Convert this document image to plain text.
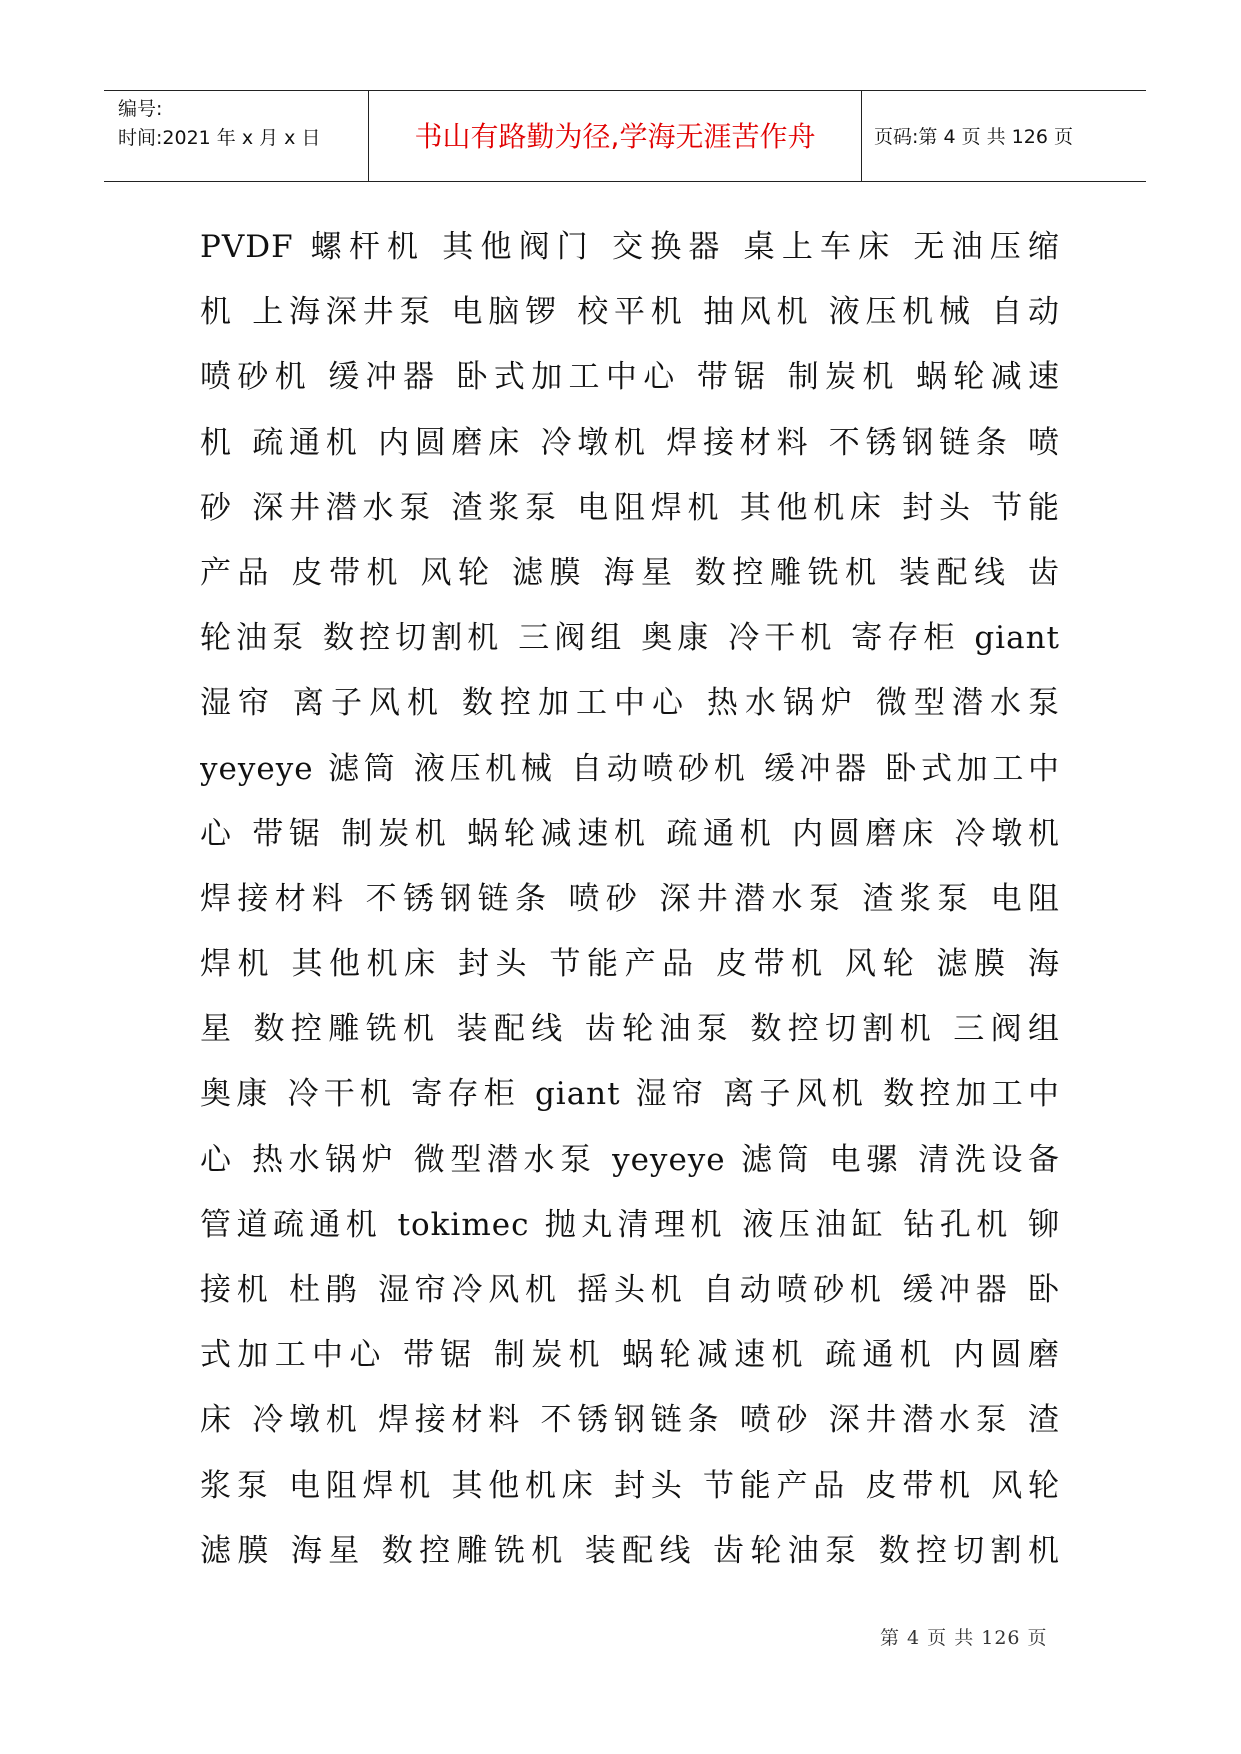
编号:
时间:2021 年 x 月 x 日	书山有路勤为径,学海无涯苦作舟	页码:第 4 页 共 126 页
PVDF 螺杆机 其他阀门 交换器 桌上车床 无油压缩
机 上海深井泵 电脑锣 校平机 抽风机 液压机械 自动
喷砂机 缓冲器 卧式加工中心 带锯 制炭机 蜗轮减速
机 疏通机 内圆磨床 冷墩机 焊接材料 不锈钢链条 喷
砂 深井潜水泵 渣浆泵 电阻焊机 其他机床 封头 节能
产品 皮带机 风轮 滤膜 海星 数控雕铣机 装配线 齿
轮油泵 数控切割机 三阀组 奥康 冷干机 寄存柜 giant
湿帘 离子风机 数控加工中心 热水锅炉 微型潜水泵
yeyeye 滤筒 液压机械 自动喷砂机 缓冲器 卧式加工中
心 带锯 制炭机 蜗轮减速机 疏通机 内圆磨床 冷墩机
焊接材料 不锈钢链条 喷砂 深井潜水泵 渣浆泵 电阻
焊机 其他机床 封头 节能产品 皮带机 风轮 滤膜 海
星 数控雕铣机 装配线 齿轮油泵 数控切割机 三阀组
奥康 冷干机 寄存柜 giant 湿帘 离子风机 数控加工中
心 热水锅炉 微型潜水泵 yeyeye 滤筒 电骡 清洗设备
管道疏通机 tokimec 抛丸清理机 液压油缸 钻孔机 铆
接机 杜鹃 湿帘冷风机 摇头机 自动喷砂机 缓冲器 卧
式加工中心 带锯 制炭机 蜗轮减速机 疏通机 内圆磨
床 冷墩机 焊接材料 不锈钢链条 喷砂 深井潜水泵 渣
浆泵 电阻焊机 其他机床 封头 节能产品 皮带机 风轮
滤膜 海星 数控雕铣机 装配线 齿轮油泵 数控切割机
第 4 页 共 126 页
